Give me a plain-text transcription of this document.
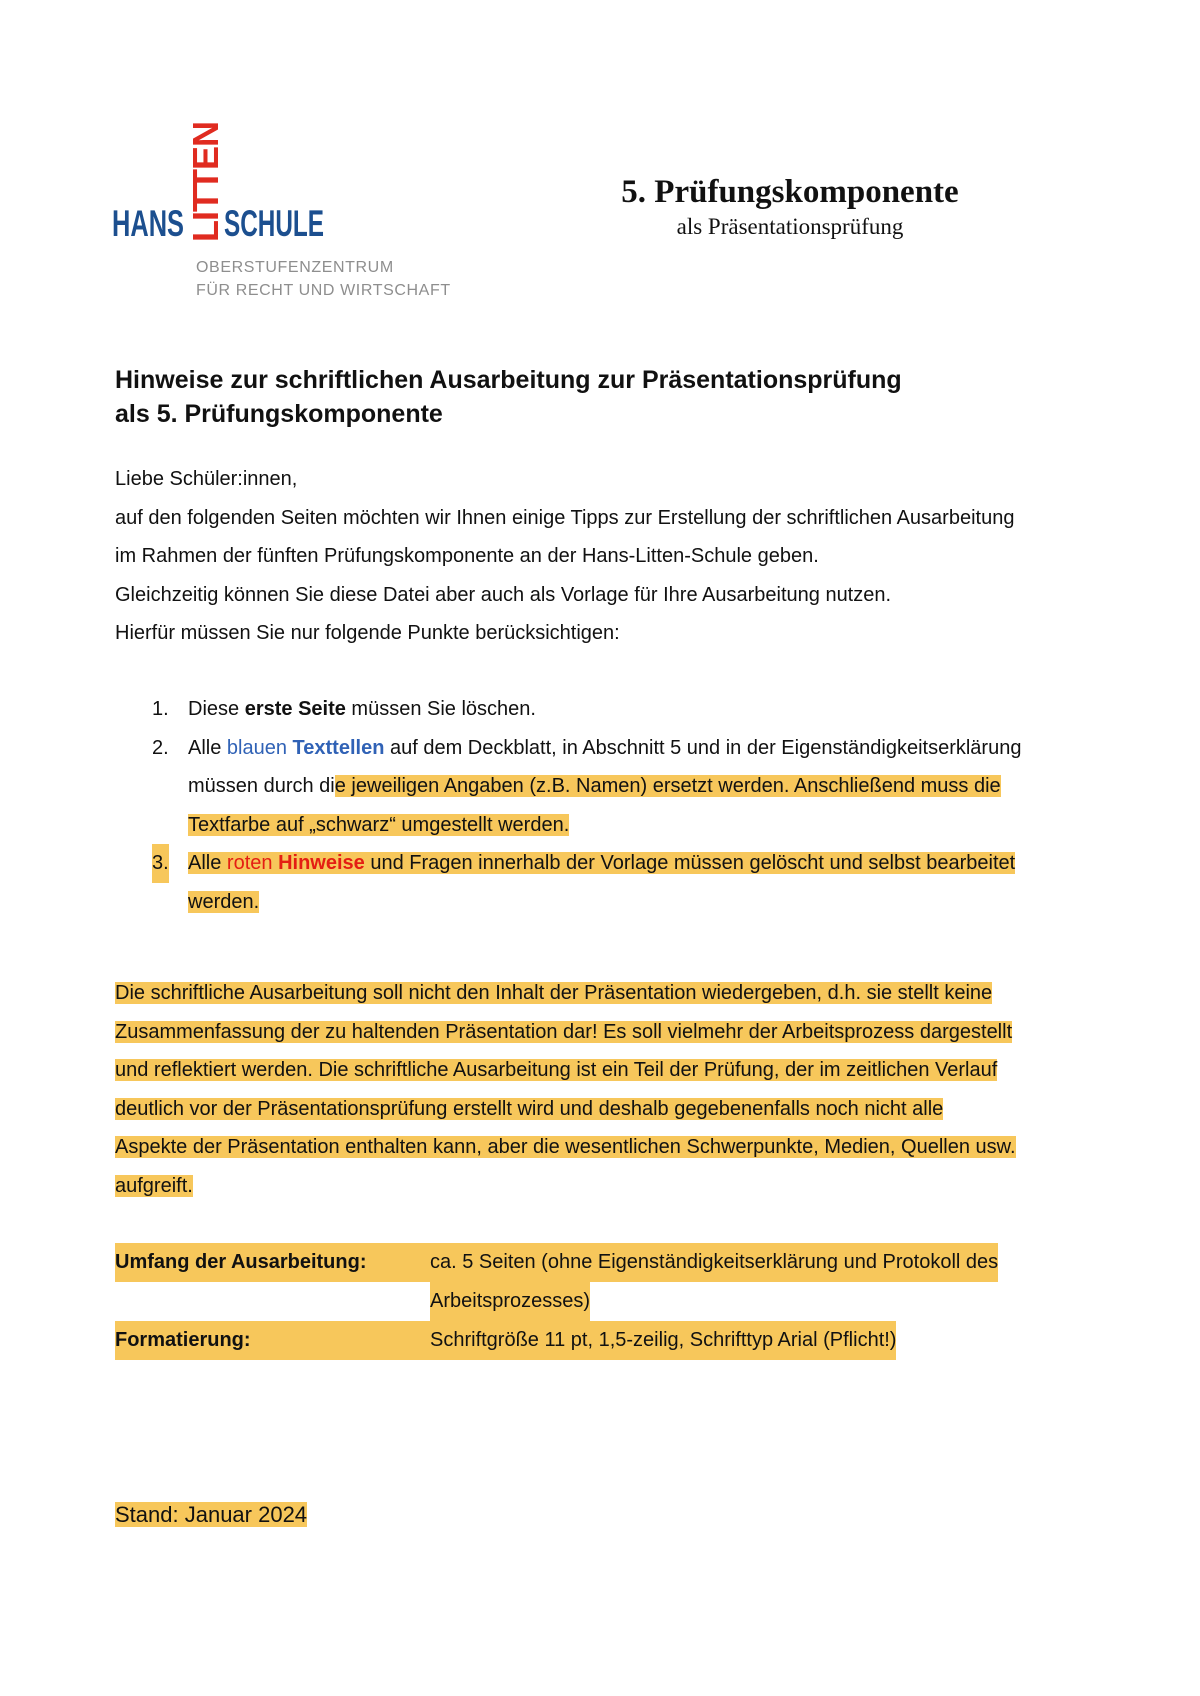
LITTEN
HANS SCHULE
OBERSTUFENZENTRUM
FÜR RECHT UND WIRTSCHAFT
5. Prüfungskomponente
als Präsentationsprüfung
Hinweise zur schriftlichen Ausarbeitung zur Präsentationsprüfung
als 5. Prüfungskomponente
Liebe Schüler:innen,
auf den folgenden Seiten möchten wir Ihnen einige Tipps zur Erstellung der schriftlichen Ausarbeitung
im Rahmen der fünften Prüfungskomponente an der Hans-Litten-Schule geben.
Gleichzeitig können Sie diese Datei aber auch als Vorlage für Ihre Ausarbeitung nutzen.
Hierfür müssen Sie nur folgende Punkte berücksichtigen:
1. Diese erste Seite müssen Sie löschen.
2. Alle blauen Texttellen auf dem Deckblatt, in Abschnitt 5 und in der Eigenständigkeitserklärung
müssen durch die jeweiligen Angaben (z.B. Namen) ersetzt werden. Anschließend muss die
Textfarbe auf „schwarz“ umgestellt werden.
3. Alle roten Hinweise und Fragen innerhalb der Vorlage müssen gelöscht und selbst bearbeitet
werden.
Die schriftliche Ausarbeitung soll nicht den Inhalt der Präsentation wiedergeben, d.h. sie stellt keine
Zusammenfassung der zu haltenden Präsentation dar! Es soll vielmehr der Arbeitsprozess dargestellt
und reflektiert werden. Die schriftliche Ausarbeitung ist ein Teil der Prüfung, der im zeitlichen Verlauf
deutlich vor der Präsentationsprüfung erstellt wird und deshalb gegebenenfalls noch nicht alle
Aspekte der Präsentation enthalten kann, aber die wesentlichen Schwerpunkte, Medien, Quellen usw.
aufgreift.
Umfang der Ausarbeitung:	ca. 5 Seiten (ohne Eigenständigkeitserklärung und Protokoll des
Arbeitsprozesses)
Formatierung:	Schriftgröße 11 pt, 1,5-zeilig, Schrifttyp Arial (Pflicht!)
Stand: Januar 2024
